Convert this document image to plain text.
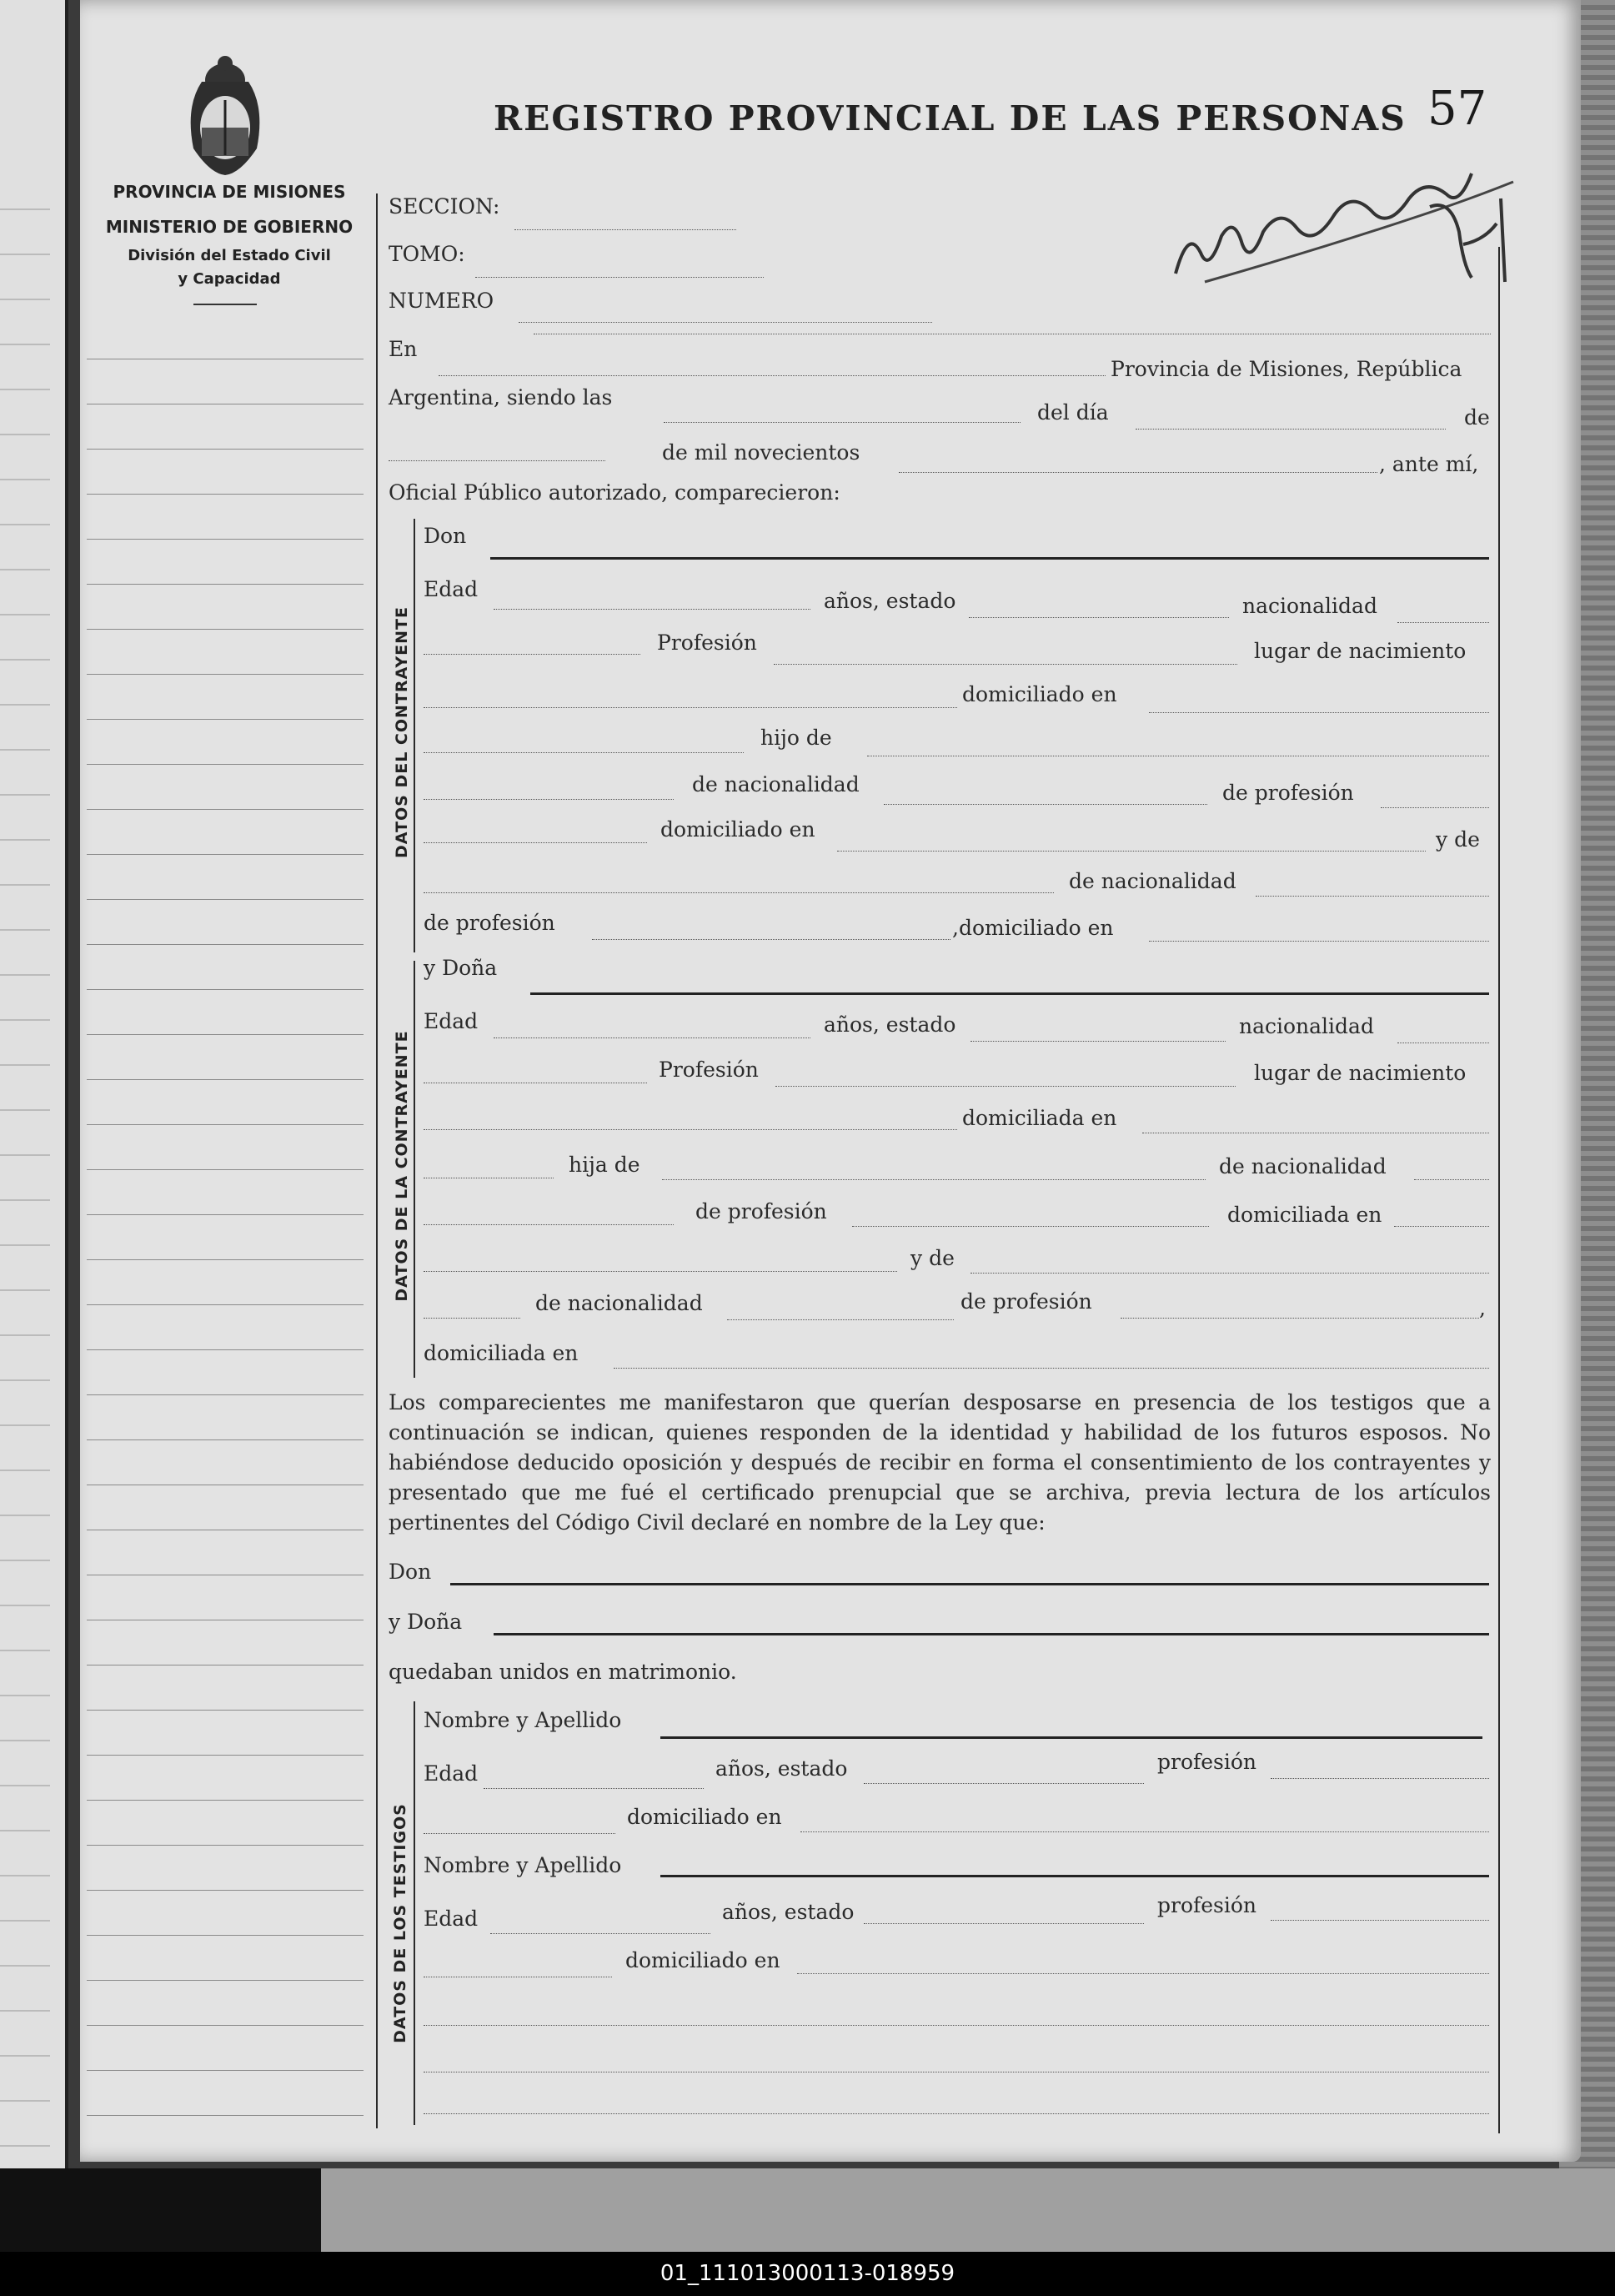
PROVINCIA DE MISIONES
MINISTERIO DE GOBIERNO
División del Estado Civil
y Capacidad
REGISTRO PROVINCIAL DE LAS PERSONAS 57
SECCION:
TOMO:
NUMERO
En
Provincia de Misiones, República
Argentina, siendo las
del día	de
de mil novecientos	, ante mí,
Oficial Público autorizado, comparecieron:
DATOS DEL CONTRAYENTE
Don
Edad	años, estado	nacionalidad
Profesión	lugar de nacimiento
domiciliado en
hijo de
de nacionalidad	de profesión
domiciliado en	y de
de nacionalidad
de profesión	,domiciliado en
DATOS DE LA CONTRAYENTE
y Doña
Edad	años, estado	nacionalidad
Profesión	lugar de nacimiento
domiciliada en
hija de	de nacionalidad
de profesión	domiciliada en
y de
de nacionalidad	de profesión	,
domiciliada en
Los comparecientes me manifestaron que querían desposarse en presencia de los testigos que a continuación se indican, quienes responden de la identidad y habilidad de los futuros esposos. No habiéndose deducido oposición y después de recibir en forma el consentimiento de los contrayentes y presentado que me fué el certificado prenupcial que se archiva, previa lectura de los artículos pertinentes del Código Civil declaré en nombre de la Ley que:
Don
y Doña
quedaban unidos en matrimonio.
DATOS DE LOS TESTIGOS
Nombre y Apellido
Edad	años, estado	profesión
domiciliado en
Nombre y Apellido
Edad	años, estado	profesión
domiciliado en
01_111013000113-018959
